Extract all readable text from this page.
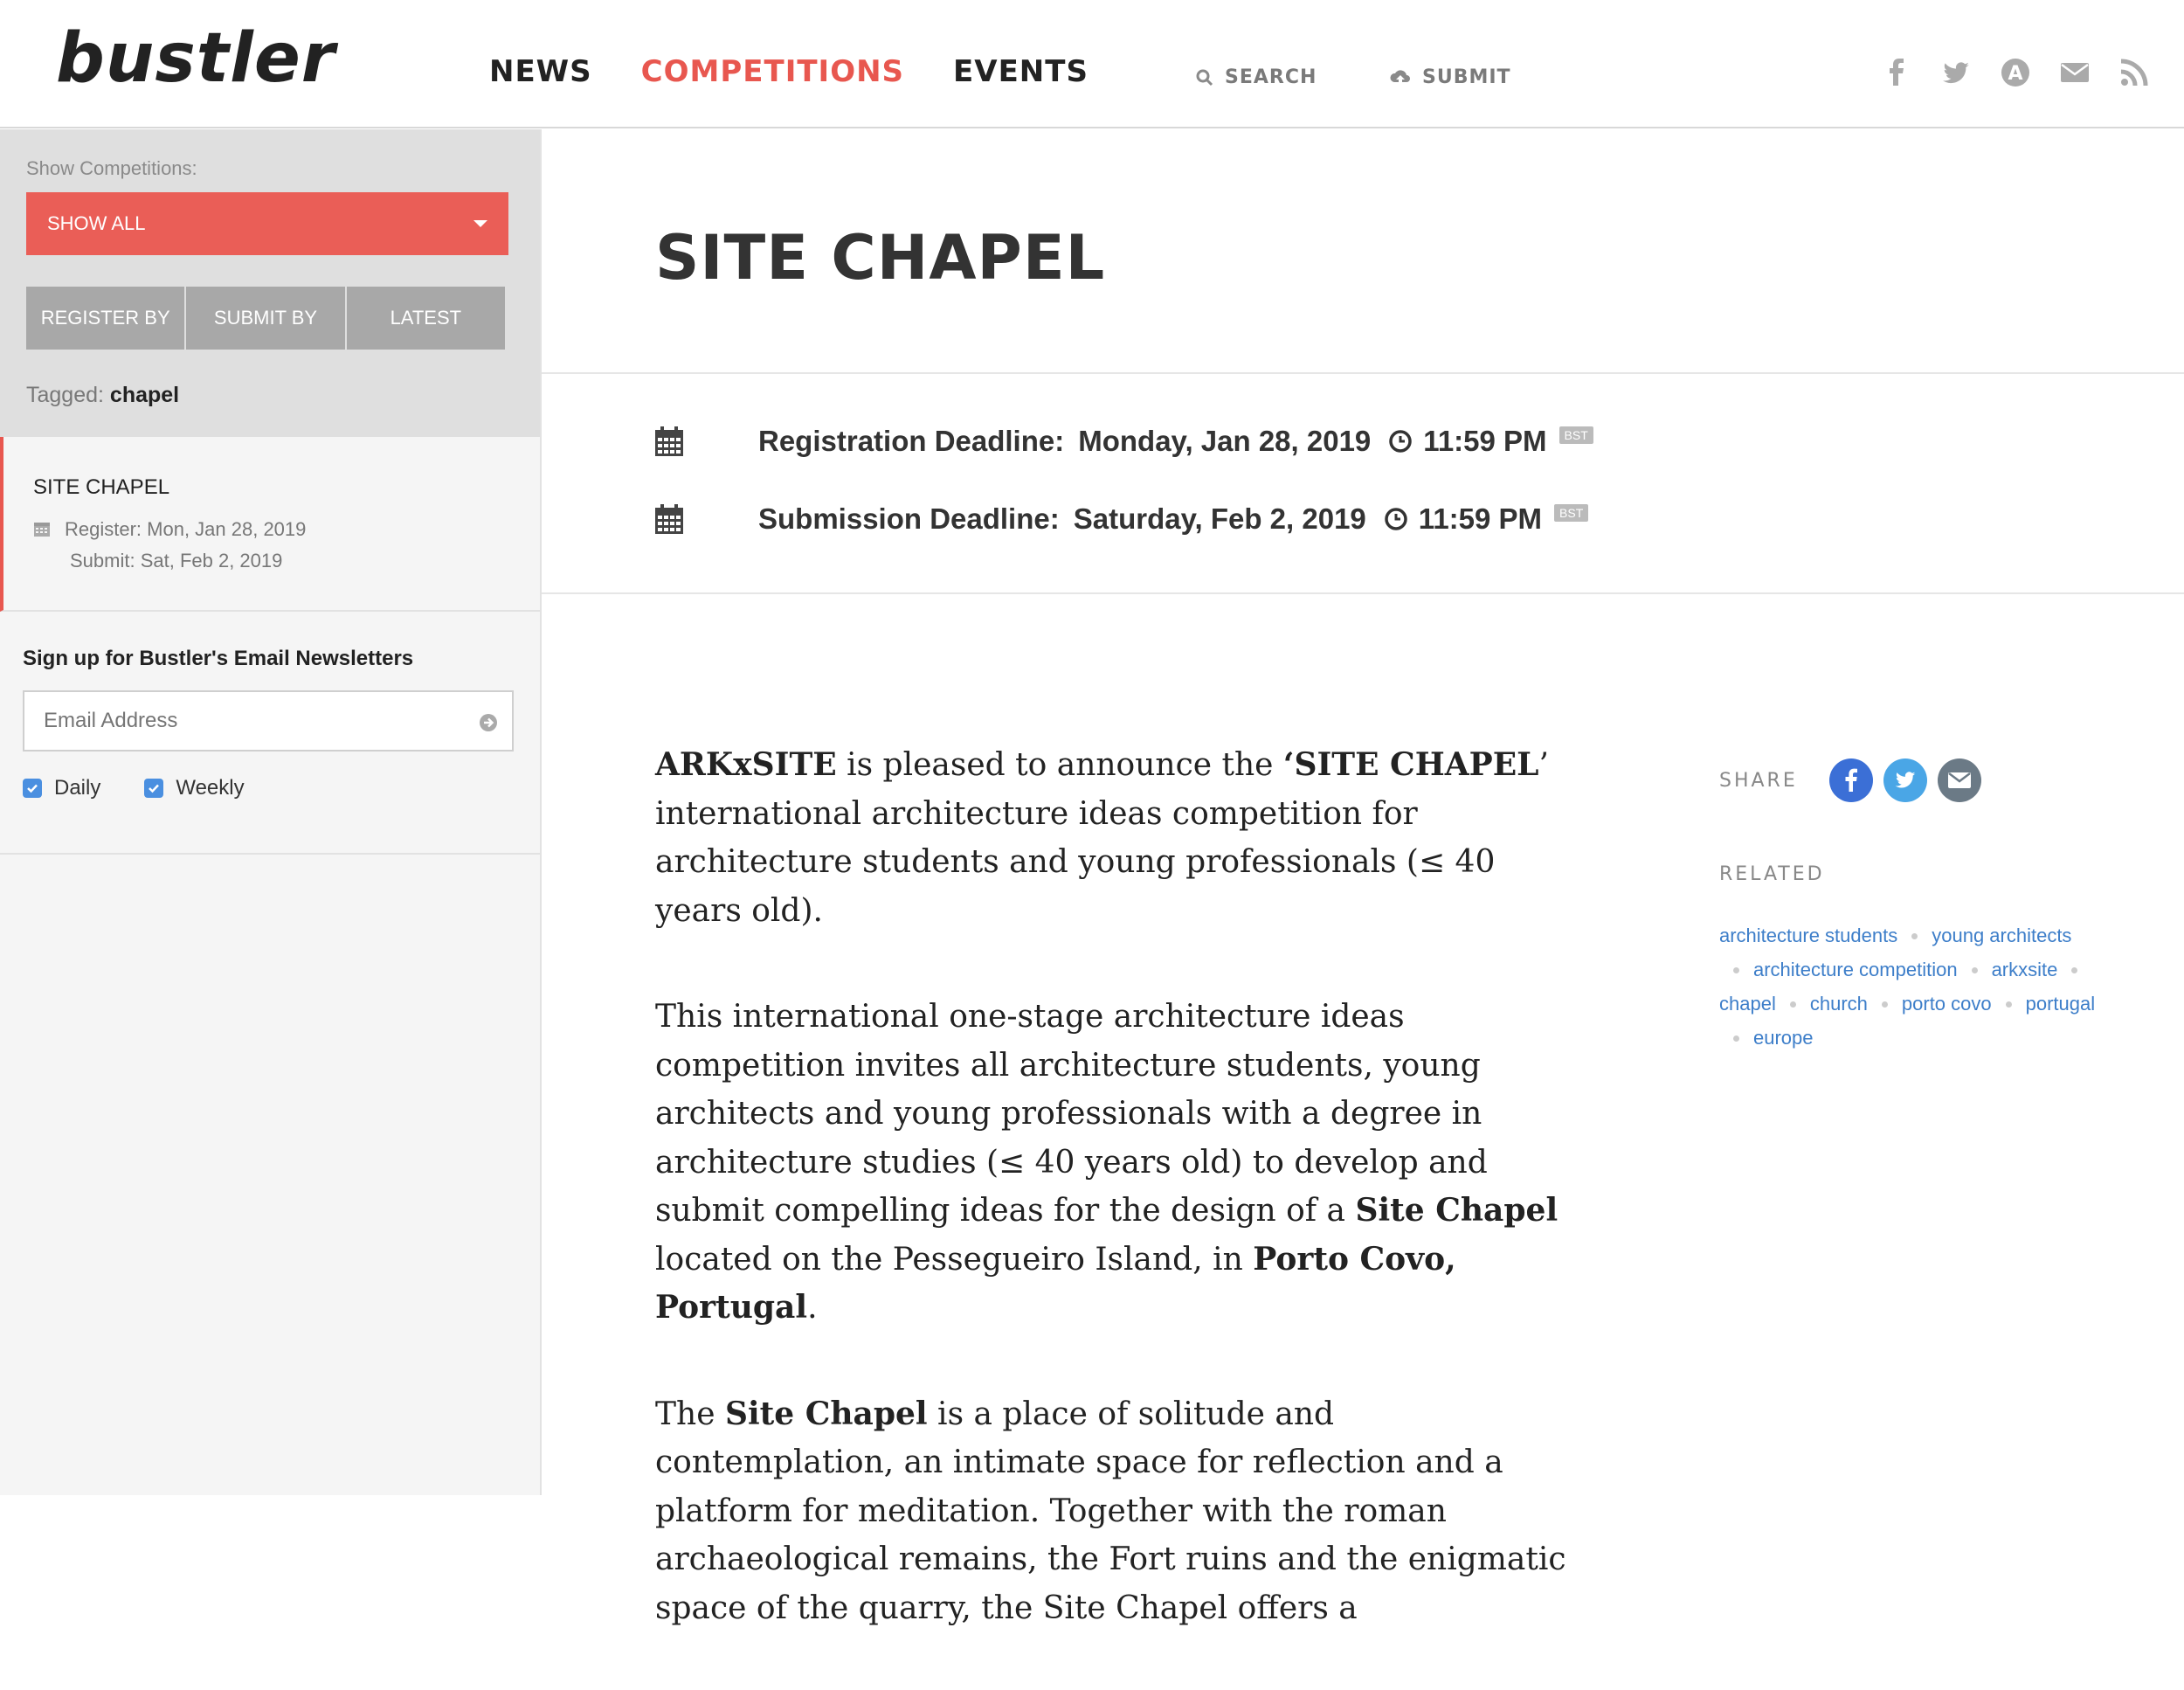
bustler	NEWS COMPETITIONS EVENTS	SEARCH	SUBMIT	A
Show Competitions:
SHOW ALL
REGISTER BY	SUBMIT BY	LATEST
Tagged: chapel
SITE CHAPEL
Register: Mon, Jan 28, 2019
Submit: Sat, Feb 2, 2019
Sign up for Bustler's Email Newsletters
Email Address
Daily	Weekly
SITE CHAPEL
Registration Deadline: Monday, Jan 28, 2019 11:59 PM	BST
Submission Deadline: Saturday, Feb 2, 2019 11:59 PM	BST

ARKxSITE is pleased to announce the ‘SITE CHAPEL’ international architecture ideas competition for architecture students and young professionals (≤ 40 years old).

This international one-stage architecture ideas competition invites all architecture students, young architects and young professionals with a degree in architecture studies (≤ 40 years old) to develop and submit compelling ideas for the design of a Site Chapel located on the Pessegueiro Island, in Porto Covo, Portugal.

The Site Chapel is a place of solitude and contemplation, an intimate space for reflection and a platform for meditation. Together with the roman archaeological remains, the Fort ruins and the enigmatic space of the quarry, the Site Chapel offers a

SHARE
RELATED
architecture students young architectsarchitecture competition arkxsitechapel church porto covo portugaleurope
